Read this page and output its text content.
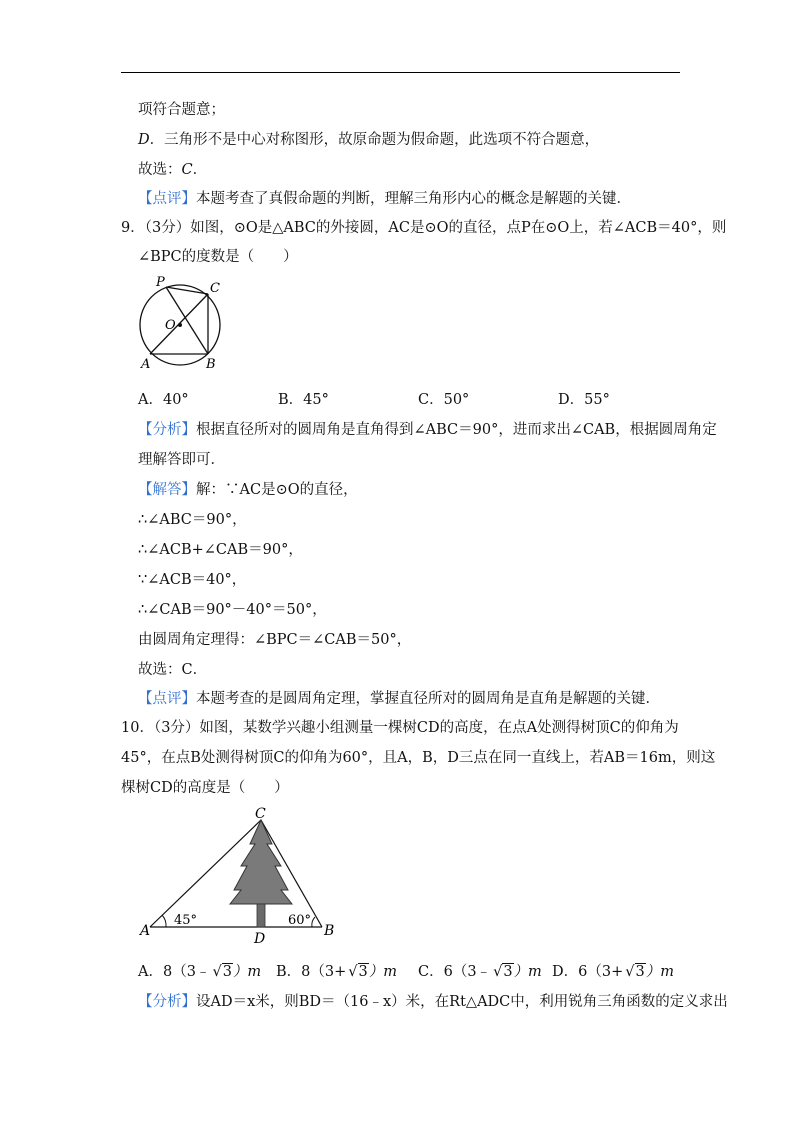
项符合题意；
D．三角形不是中心对称图形，故原命题为假命题，此选项不符合题意，
故选：C．
【点评】本题考查了真假命题的判断，理解三角形内心的概念是解题的关键．
9．（3分）如图，⊙O是△ABC的外接圆，AC是⊙O的直径，点P在⊙O上，若∠ACB＝40°，则
∠BPC的度数是（　　）
P	C
O
A	B
A．40°	B．45°	C．50°	D．55°
【分析】根据直径所对的圆周角是直角得到∠ABC＝90°，进而求出∠CAB，根据圆周角定
理解答即可．
【解答】解：∵AC是⊙O的直径，
∴∠ABC＝90°，
∴∠ACB+∠CAB＝90°，
∵∠ACB＝40°，
∴∠CAB＝90°－40°＝50°，
由圆周角定理得：∠BPC＝∠CAB＝50°，
故选：C．
【点评】本题考查的是圆周角定理，掌握直径所对的圆周角是直角是解题的关键．
10．（3分）如图，某数学兴趣小组测量一棵树CD的高度，在点A处测得树顶C的仰角为
45°，在点B处测得树顶C的仰角为60°，且A，B，D三点在同一直线上，若AB＝16m，则这
棵树CD的高度是（　　）
C
A	D	B
45°	60°
A．8（3﹣ √3）m B．8（3+ √3）m C．6（3﹣ √3）m D．6（3+ √3）m
【分析】设AD＝x米，则BD＝（16﹣x）米，在Rt△ADC中，利用锐角三角函数的定义求出
